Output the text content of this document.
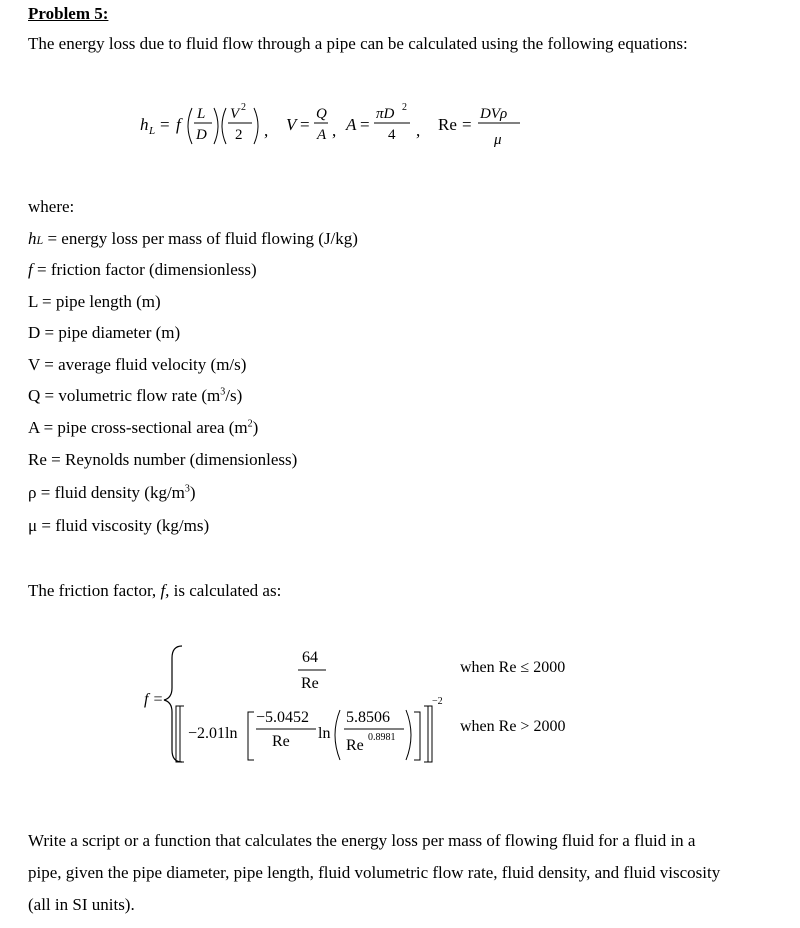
Problem 5:
The energy loss due to fluid flow through a pipe can be calculated using the following equations:
h L = f
L
D
V 2
2 , V =
Q
A , A =
πD 2
4 , Re =
DVρ
μ
where:
hL = energy loss per mass of fluid flowing (J/kg)
f = friction factor (dimensionless)
L = pipe length (m)
D = pipe diameter (m)
V = average fluid velocity (m/s)
Q = volumetric flow rate $(m^3/s)$
A = pipe cross-sectional area $(m^2)$
Re = Reynolds number (dimensionless)
ρ = fluid density $(kg/m^3)$
μ = fluid viscosity (kg/ms)
The friction factor, f, is calculated as:
f =
64
Re
when Re ≤ 2000
−2.01ln
−5.0452
Re ln
5.8506
Re 0.8981
−2
when Re > 2000
Write a script or a function that calculates the energy loss per mass of flowing fluid for a fluid in a
pipe, given the pipe diameter, pipe length, fluid volumetric flow rate, fluid density, and fluid viscosity
(all in SI units).
